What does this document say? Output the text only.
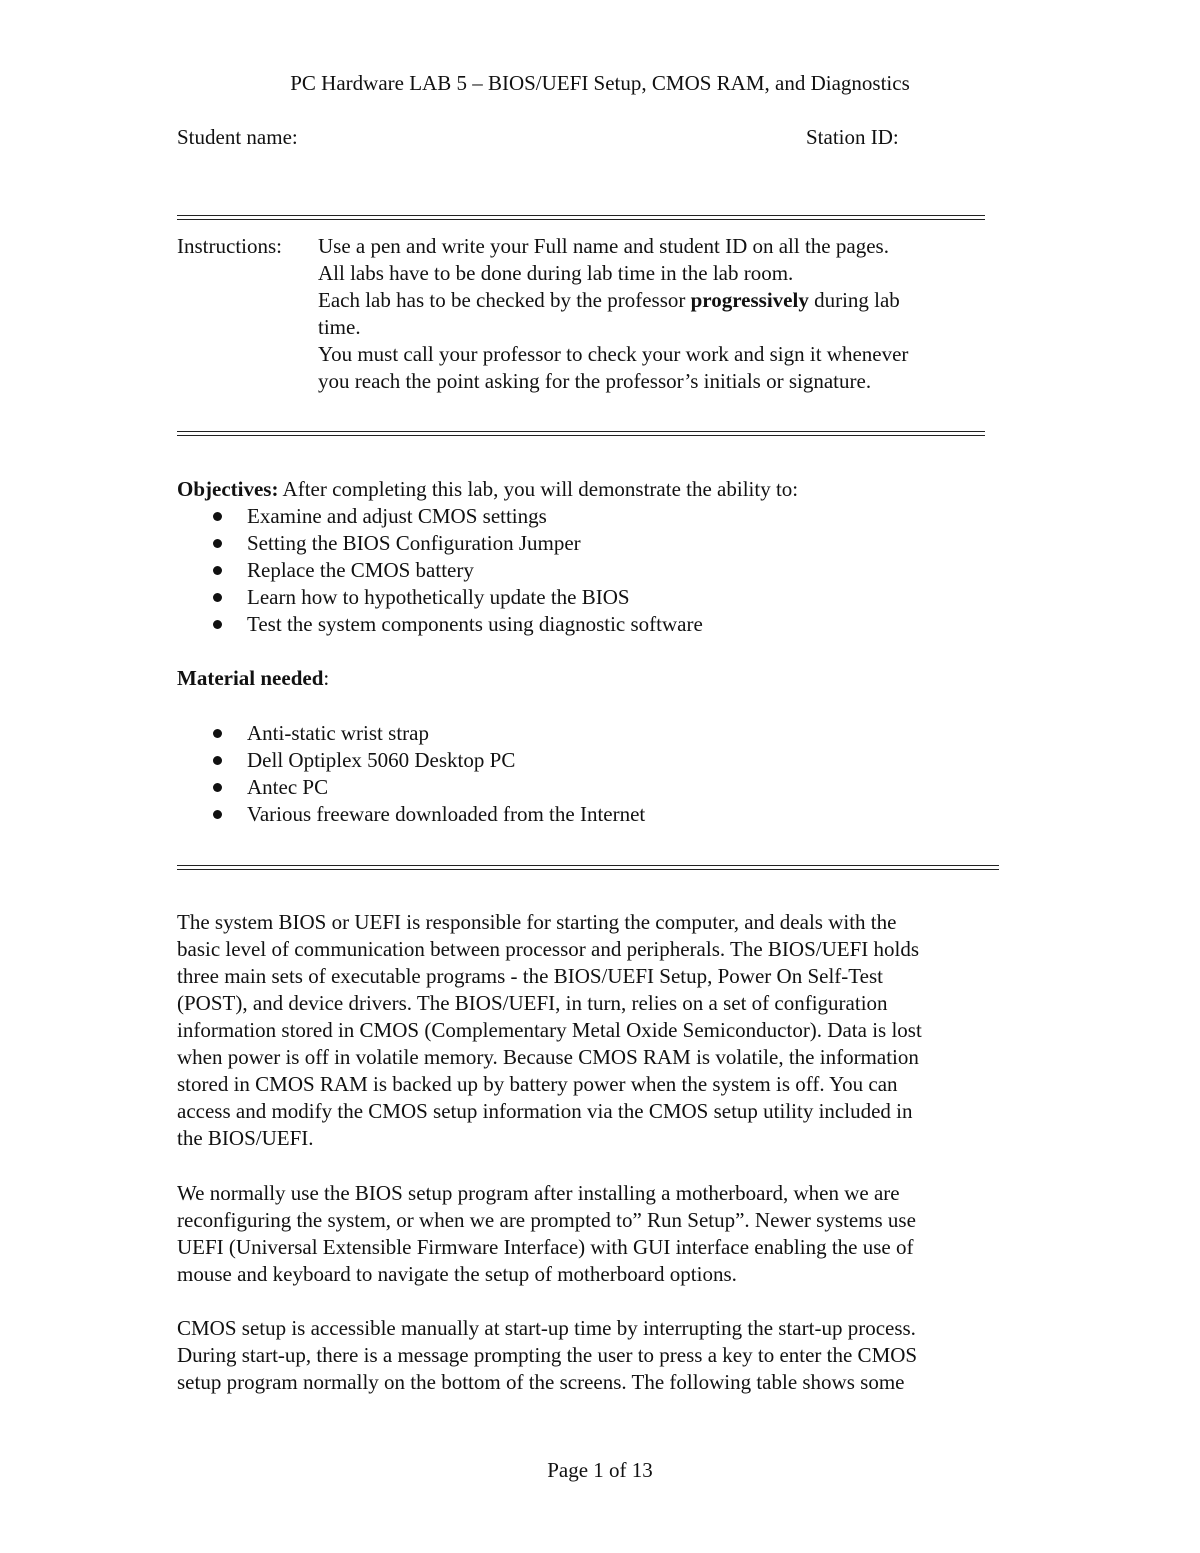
PC Hardware LAB 5 – BIOS/UEFI Setup, CMOS RAM, and Diagnostics
Student name:	Station ID:
Instructions: Use a pen and write your Full name and student ID on all the pages.
All labs have to be done during lab time in the lab room.
Each lab has to be checked by the professor progressively during lab
time.
You must call your professor to check your work and sign it whenever
you reach the point asking for the professor’s initials or signature.
Objectives: After completing this lab, you will demonstrate the ability to:
Examine and adjust CMOS settings
Setting the BIOS Configuration Jumper
Replace the CMOS battery
Learn how to hypothetically update the BIOS
Test the system components using diagnostic software
Material needed:
Anti-static wrist strap
Dell Optiplex 5060 Desktop PC
Antec PC
Various freeware downloaded from the Internet
The system BIOS or UEFI is responsible for starting the computer, and deals with the
basic level of communication between processor and peripherals. The BIOS/UEFI holds
three main sets of executable programs - the BIOS/UEFI Setup, Power On Self-Test
(POST), and device drivers. The BIOS/UEFI, in turn, relies on a set of configuration
information stored in CMOS (Complementary Metal Oxide Semiconductor). Data is lost
when power is off in volatile memory. Because CMOS RAM is volatile, the information
stored in CMOS RAM is backed up by battery power when the system is off. You can
access and modify the CMOS setup information via the CMOS setup utility included in
the BIOS/UEFI.
We normally use the BIOS setup program after installing a motherboard, when we are
reconfiguring the system, or when we are prompted to” Run Setup”. Newer systems use
UEFI (Universal Extensible Firmware Interface) with GUI interface enabling the use of
mouse and keyboard to navigate the setup of motherboard options.
CMOS setup is accessible manually at start-up time by interrupting the start-up process.
During start-up, there is a message prompting the user to press a key to enter the CMOS
setup program normally on the bottom of the screens. The following table shows some
Page 1 of 13
